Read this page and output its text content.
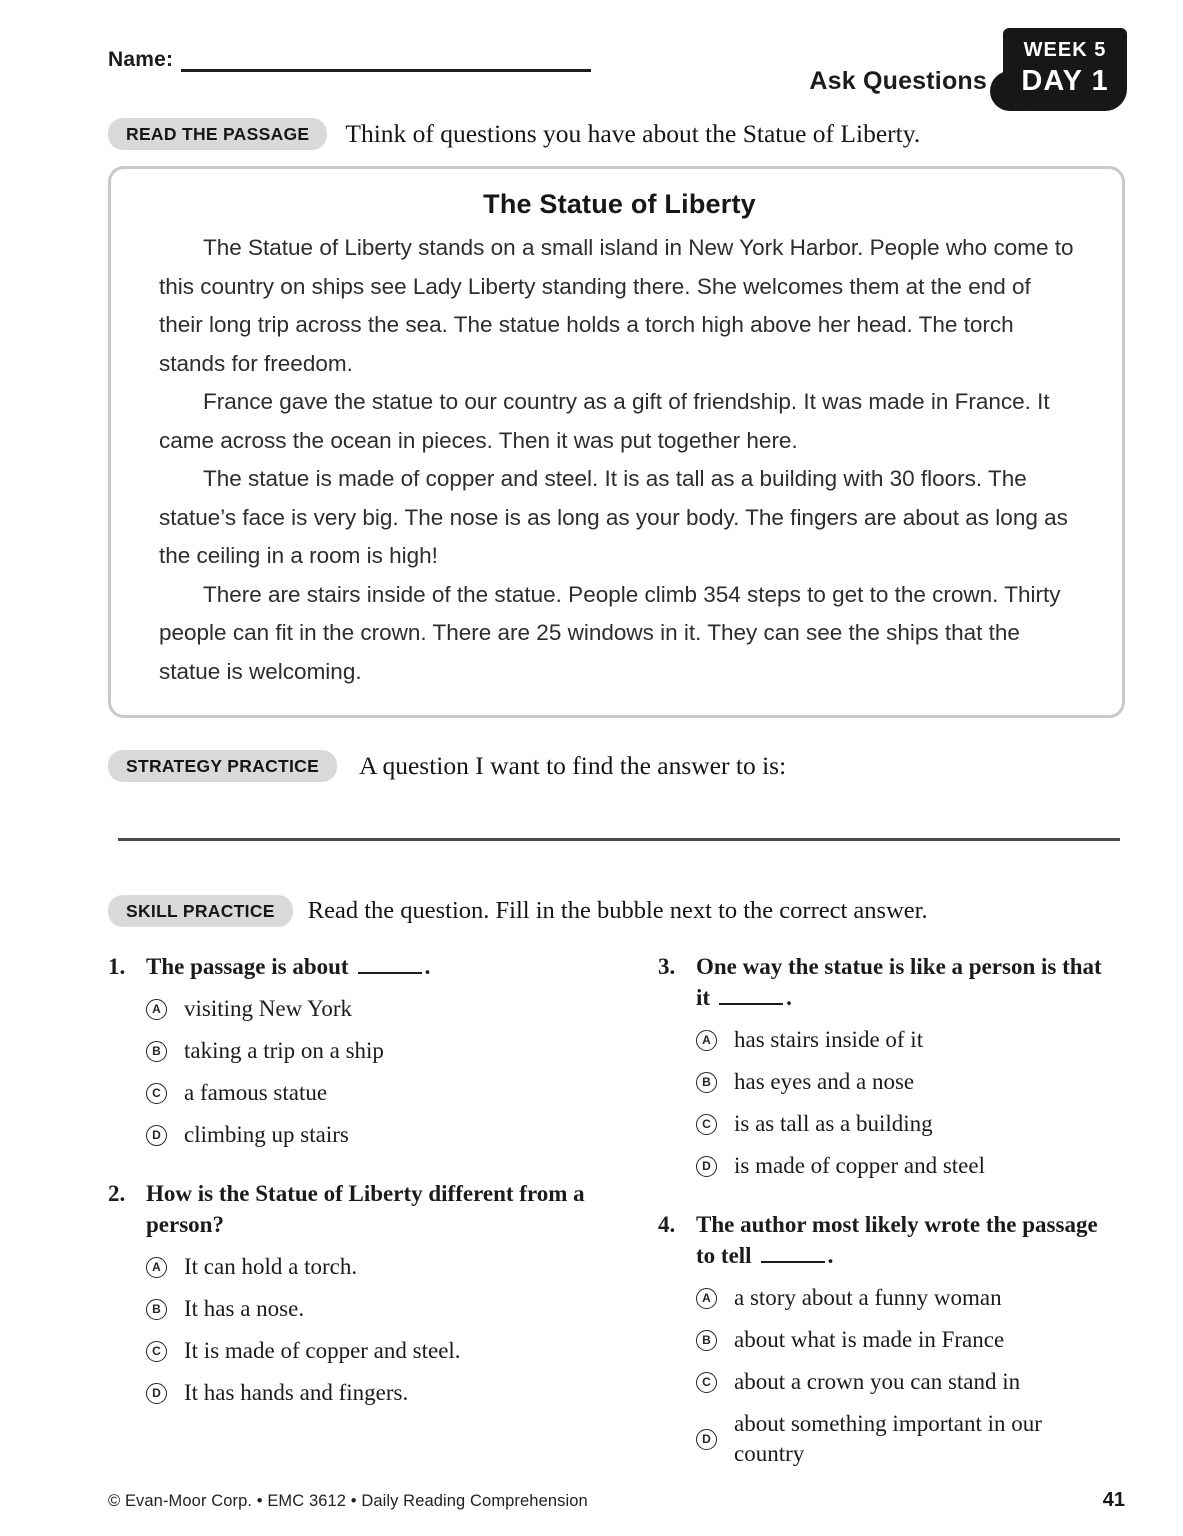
Name:
Ask Questions
WEEK 5
DAY 1
READ THE PASSAGE	Think of questions you have about the Statue of Liberty.
The Statue of Liberty

The Statue of Liberty stands on a small island in New York Harbor. People who come to this country on ships see Lady Liberty standing there. She welcomes them at the end of their long trip across the sea. The statue holds a torch high above her head. The torch stands for freedom.

France gave the statue to our country as a gift of friendship. It was made in France. It came across the ocean in pieces. Then it was put together here.

The statue is made of copper and steel. It is as tall as a building with 30 floors. The statue’s face is very big. The nose is as long as your body. The fingers are about as long as the ceiling in a room is high!

There are stairs inside of the statue. People climb 354 steps to get to the crown. Thirty people can fit in the crown. There are 25 windows in it. They can see the ships that the statue is welcoming.

STRATEGY PRACTICE	A question I want to find the answer to is:
SKILL PRACTICE	Read the question. Fill in the bubble next to the correct answer.
1. The passage is about	.
A visiting New York
B taking a trip on a ship
C a famous statue
D climbing up stairs
2. How is the Statue of Liberty different from a person?
A It can hold a torch.
B It has a nose.
C It is made of copper and steel.
D It has hands and fingers.
3. One way the statue is like a person is that it	.
A has stairs inside of it
B has eyes and a nose
C is as tall as a building
D is made of copper and steel
4. The author most likely wrote the passage to tell	.
A a story about a funny woman
B about what is made in France
C about a crown you can stand in
D
about something important in our country
© Evan-Moor Corp. • EMC 3612 • Daily Reading Comprehension	41
